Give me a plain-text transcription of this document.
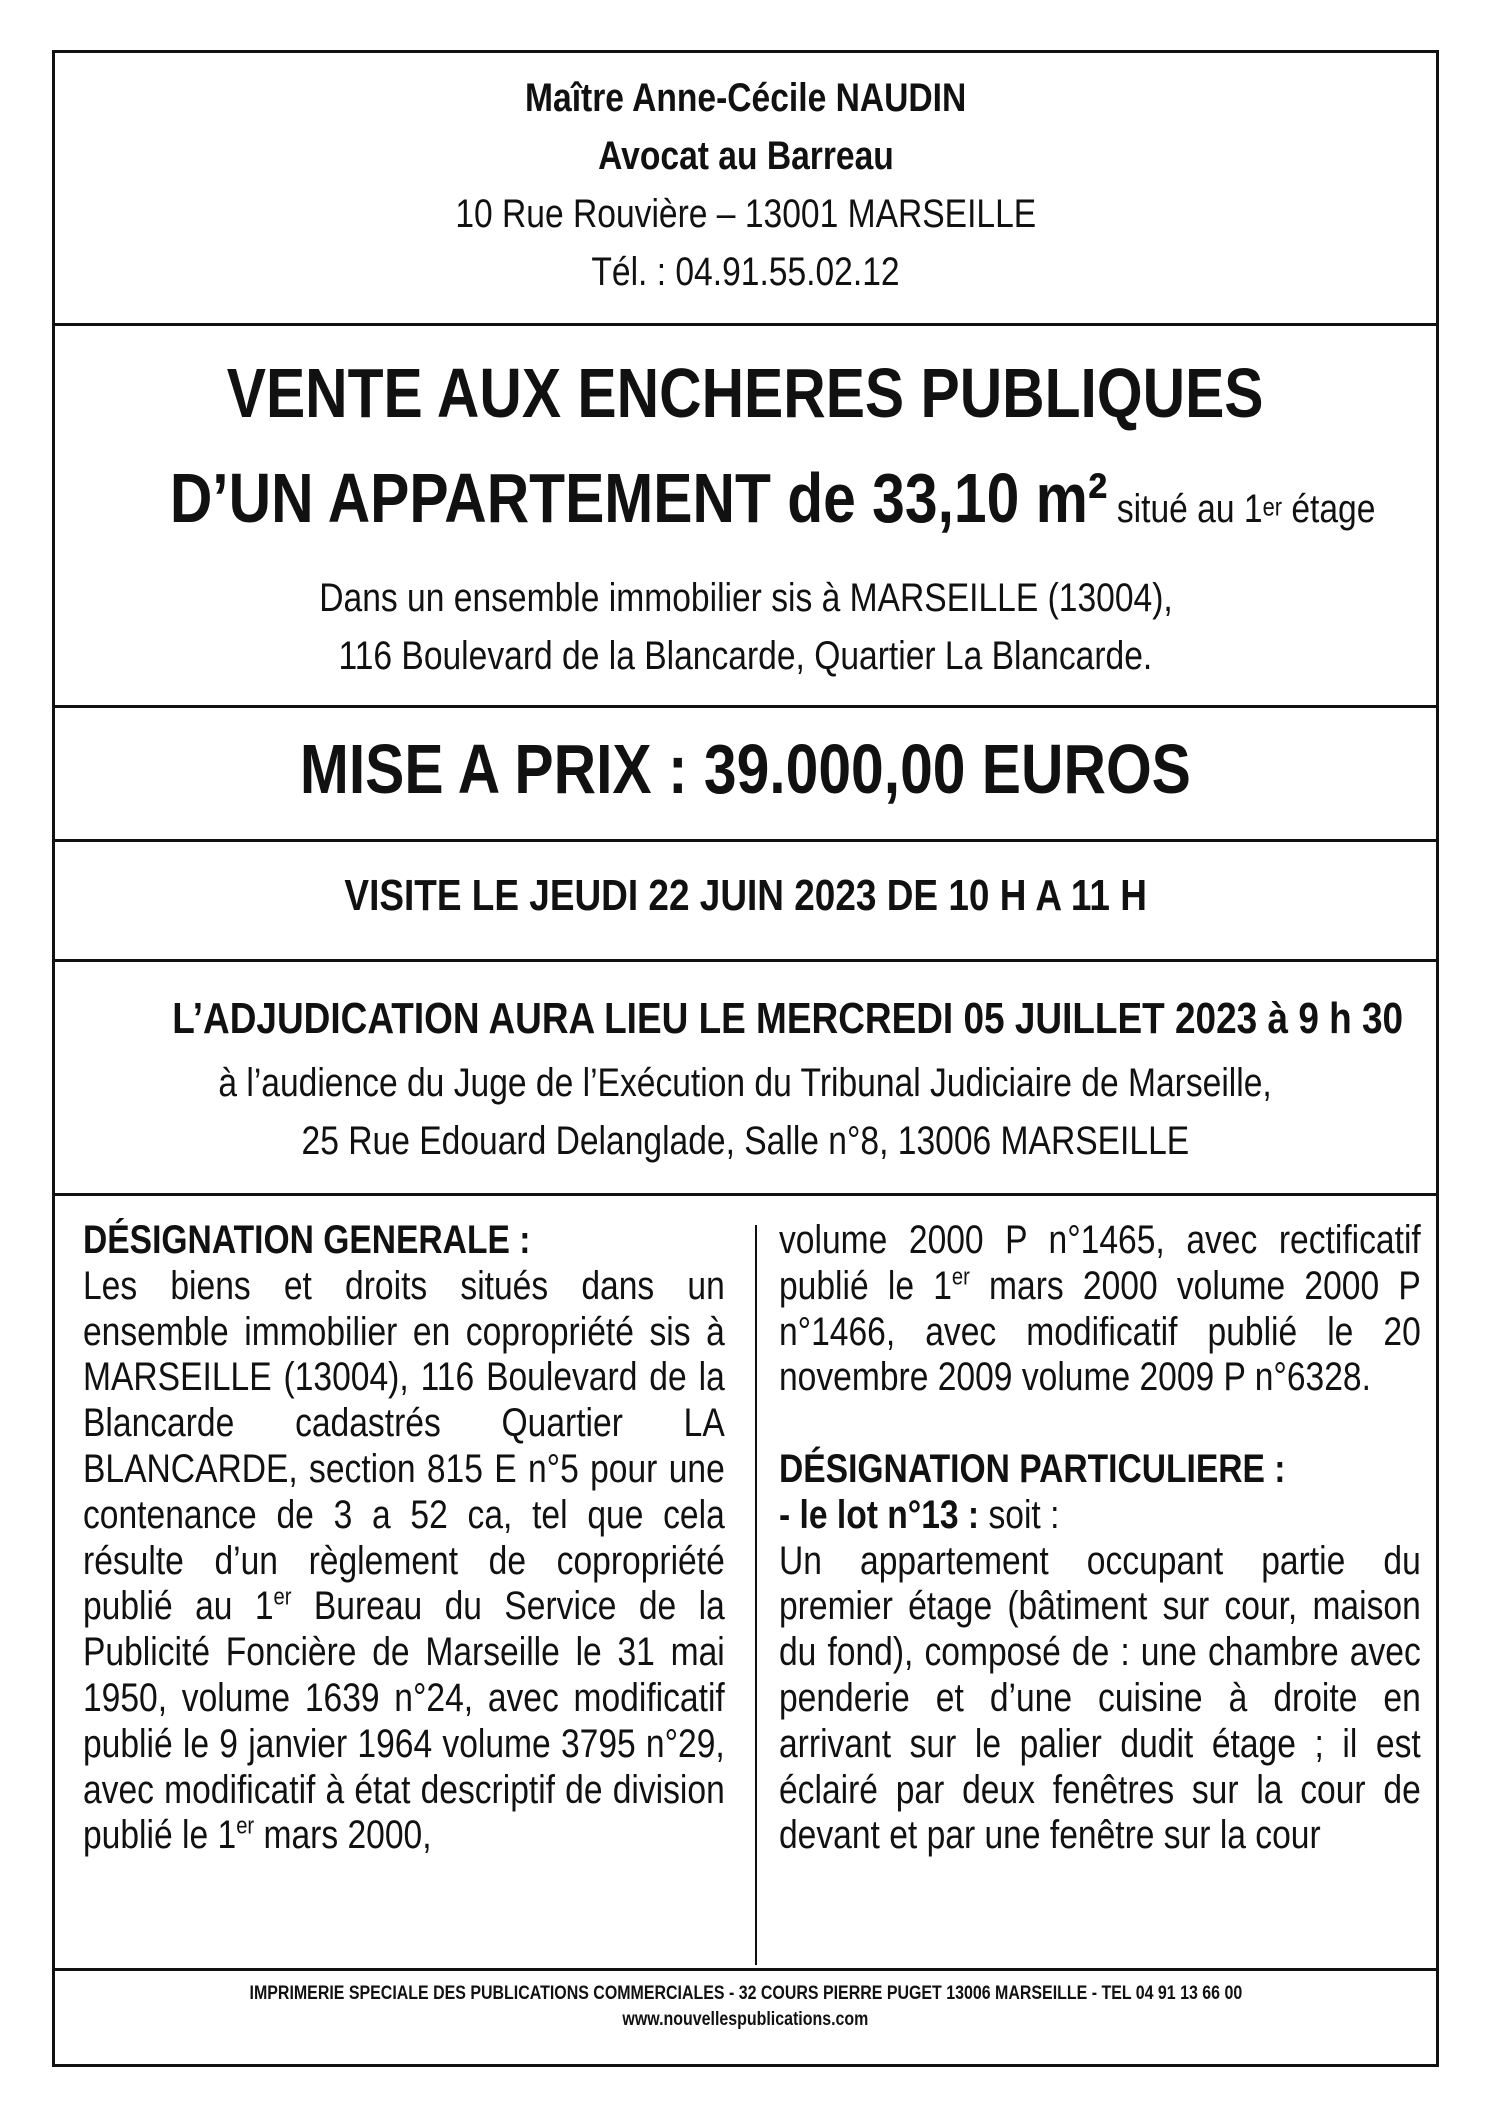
Maître Anne-Cécile NAUDIN
Avocat au Barreau
10 Rue Rouvière – 13001 MARSEILLE
Tél. : 04.91.55.02.12
VENTE AUX ENCHERES PUBLIQUES
D’UN APPARTEMENT de 33,10 m² situé au 1er étage
Dans un ensemble immobilier sis à MARSEILLE (13004),
116 Boulevard de la Blancarde, Quartier La Blancarde.
MISE A PRIX : 39.000,00 EUROS
VISITE LE JEUDI 22 JUIN 2023 DE 10 H A 11 H
L’ADJUDICATION AURA LIEU LE MERCREDI 05 JUILLET 2023 à 9 h 30
à l’audience du Juge de l’Exécution du Tribunal Judiciaire de Marseille,
25 Rue Edouard Delanglade, Salle n°8, 13006 MARSEILLE
DÉSIGNATION GENERALE :

Les biens et droits situés dans un ensemble immobilier en copropriété sis à MARSEILLE (13004), 116 Boulevard de la Blancarde cadastrés Quartier LA BLANCARDE, section 815 E n°5 pour une contenance de 3 a 52 ca, tel que cela résulte d’un règlement de copropriété publié au 1er Bureau du Service de la Publicité Foncière de Marseille le 31 mai 1950, volume 1639 n°24, avec modificatif publié le 9 janvier 1964 volume 3795 n°29, avec modificatif à état descriptif de division publié le 1er mars 2000,

volume 2000 P n°1465, avec rectificatif publié le 1er mars 2000 volume 2000 P n°1466, avec modificatif publié le 20 novembre 2009 volume 2009 P n°6328.

DÉSIGNATION PARTICULIERE :

- le lot n°13 : soit :

Un appartement occupant partie du premier étage (bâtiment sur cour, maison du fond), composé de : une chambre avec penderie et d’une cuisine à droite en arrivant sur le palier dudit étage ; il est éclairé par deux fenêtres sur la cour de devant et par une fenêtre sur la cour

IMPRIMERIE SPECIALE DES PUBLICATIONS COMMERCIALES - 32 COURS PIERRE PUGET 13006 MARSEILLE - TEL 04 91 13 66 00
www.nouvellespublications.com
